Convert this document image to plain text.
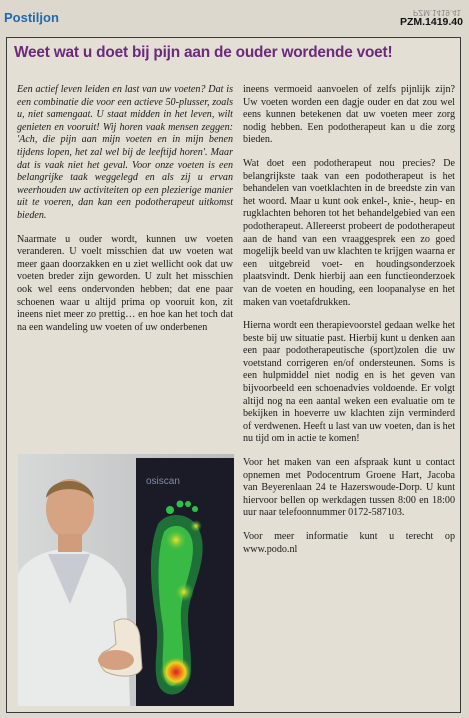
Postiljon	PZM.1419.41
PZM.1419.40
Weet wat u doet bij pijn aan de ouder wordende voet!

Een actief leven leiden en last van uw voeten? Dat is een combinatie die voor een actieve 50-plusser, zoals u, niet samengaat. U staat midden in het leven, wilt genieten en vooruit! Wij horen vaak mensen zeggen: 'Ach, die pijn aan mijn voeten en in mijn benen tijdens lopen, het zal wel bij de leeftijd horen'. Maar dat is vaak niet het geval. Voor onze voeten is een belangrijke taak weggelegd en als zij u ervan weerhouden uw activiteiten op een plezierige manier uit te voeren, dan kan een podotherapeut uitkomst bieden.

Naarmate u ouder wordt, kunnen uw voeten veranderen. U voelt misschien dat uw voeten wat meer gaan doorzakken en u ziet wellicht ook dat uw voeten breder zijn geworden. U zult het misschien ook wel eens ondervonden hebben; dat ene paar schoenen waar u altijd prima op vooruit kon, zit ineens niet meer zo prettig… en hoe kan het toch dat na een wandeling uw voeten of uw onderbenen

ineens vermoeid aanvoelen of zelfs pijnlijk zijn? Uw voeten worden een dagje ouder en dat zou wel eens kunnen betekenen dat uw voeten meer zorg nodig hebben. Een podotherapeut kan u die zorg bieden.

Wat doet een podotherapeut nou precies? De belangrijkste taak van een podotherapeut is het behandelen van voetklachten in de breedste zin van het woord. Maar u kunt ook enkel-, knie-, heup- en rugklachten behoren tot het behandelgebied van een podotherapeut. Allereerst probeert de podotherapeut aan de hand van een vraaggesprek een zo goed mogelijk beeld van uw klachten te krijgen waarna er een uitgebreid voet- en houdingsonderzoek plaatsvindt. Denk hierbij aan een functieonderzoek van de voeten en houding, een loopanalyse en het maken van voetafdrukken.

Hierna wordt een therapievoorstel gedaan welke het beste bij uw situatie past. Hierbij kunt u denken aan een paar podotherapeutische (sport)zolen die uw voetstand corrigeren en/of ondersteunen. Soms is een hulpmiddel niet nodig en is het geven van bijvoorbeeld een schoenadvies voldoende. Er volgt altijd nog na een aantal weken een evaluatie om te bekijken in hoeverre uw klachten zijn verminderd of verdwenen. Heeft u last van uw voeten, dan is het nu tijd om in actie te komen!

Voor het maken van een afspraak kunt u contact opnemen met Podocentrum Groene Hart, Jacoba van Beyerenlaan 24 te Hazerswoude-Dorp. U kunt hiervoor bellen op werkdagen tussen 8:00 en 18:00 uur naar telefoonnummer 0172-587103.

Voor meer informatie kunt u terecht op www.podo.nl

osiscan
